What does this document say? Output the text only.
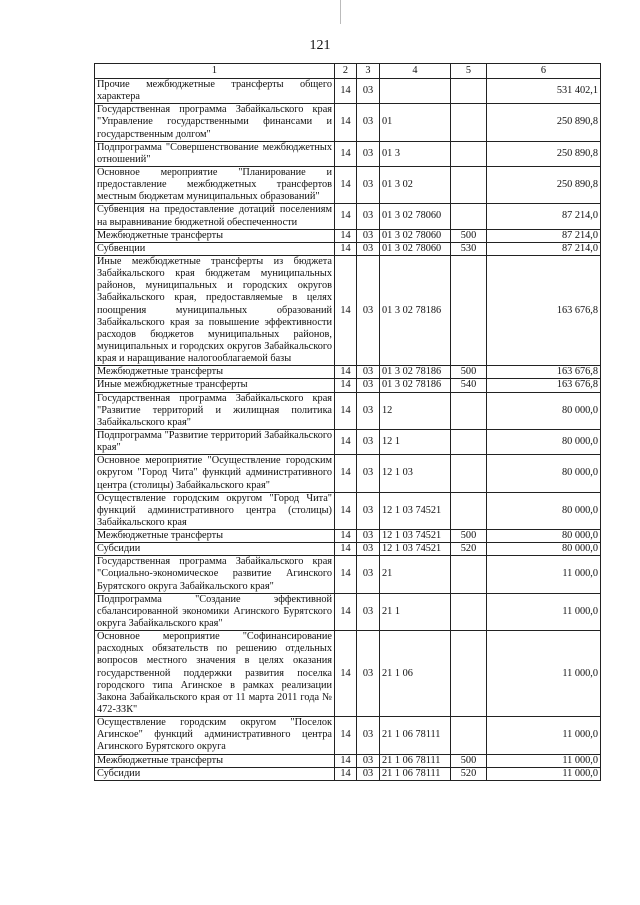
121
1	2	3	4	5	6
Прочие межбюджетные трансферты общего характера	14	03			531 402,1
Государственная программа Забайкальского края "Управление государственными финансами и государственным долгом"	14	03	01		250 890,8
Подпрограмма "Совершенствование межбюджетных отношений"	14	03	01 3		250 890,8
Основное мероприятие "Планирование и предоставление межбюджетных трансфертов местным бюджетам муниципальных образований"	14	03	01 3 02		250 890,8
Субвенция на предоставление дотаций поселениям на выравнивание бюджетной обеспеченности	14	03	01 3 02 78060		87 214,0
Межбюджетные трансферты	14	03	01 3 02 78060	500	87 214,0
Субвенции	14	03	01 3 02 78060	530	87 214,0
Иные межбюджетные трансферты из бюджета Забайкальского края бюджетам муниципальных районов, муниципальных и городских округов Забайкальского края, предоставляемые в целях поощрения муниципальных образований Забайкальского края за повышение эффективности расходов бюджетов муниципальных районов, муниципальных и городских округов Забайкальского края и наращивание налогооблагаемой базы	14	03	01 3 02 78186		163 676,8
Межбюджетные трансферты	14	03	01 3 02 78186	500	163 676,8
Иные межбюджетные трансферты	14	03	01 3 02 78186	540	163 676,8
Государственная программа Забайкальского края "Развитие территорий и жилищная политика Забайкальского края"	14	03	12		80 000,0
Подпрограмма "Развитие территорий Забайкальского края"	14	03	12 1		80 000,0
Основное мероприятие "Осуществление городским округом "Город Чита" функций административного центра (столицы) Забайкальского края"	14	03	12 1 03		80 000,0
Осуществление городским округом "Город Чита" функций административного центра (столицы) Забайкальского края	14	03	12 1 03 74521		80 000,0
Межбюджетные трансферты	14	03	12 1 03 74521	500	80 000,0
Субсидии	14	03	12 1 03 74521	520	80 000,0
Государственная программа Забайкальского края "Социально-экономическое развитие Агинского Бурятского округа Забайкальского края"	14	03	21		11 000,0
Подпрограмма "Создание эффективной сбалансированной экономики Агинского Бурятского округа Забайкальского края"	14	03	21 1		11 000,0
Основное мероприятие "Софинансирование расходных обязательств по решению отдельных вопросов местного значения в целях оказания государственной поддержки развития поселка городского типа Агинское в рамках реализации Закона Забайкальского края от 11 марта 2011 года № 472-ЗЗК"	14	03	21 1 06		11 000,0
Осуществление городским округом "Поселок Агинское" функций административного центра Агинского Бурятского округа	14	03	21 1 06 78111		11 000,0
Межбюджетные трансферты	14	03	21 1 06 78111	500	11 000,0
Субсидии	14	03	21 1 06 78111	520	11 000,0
